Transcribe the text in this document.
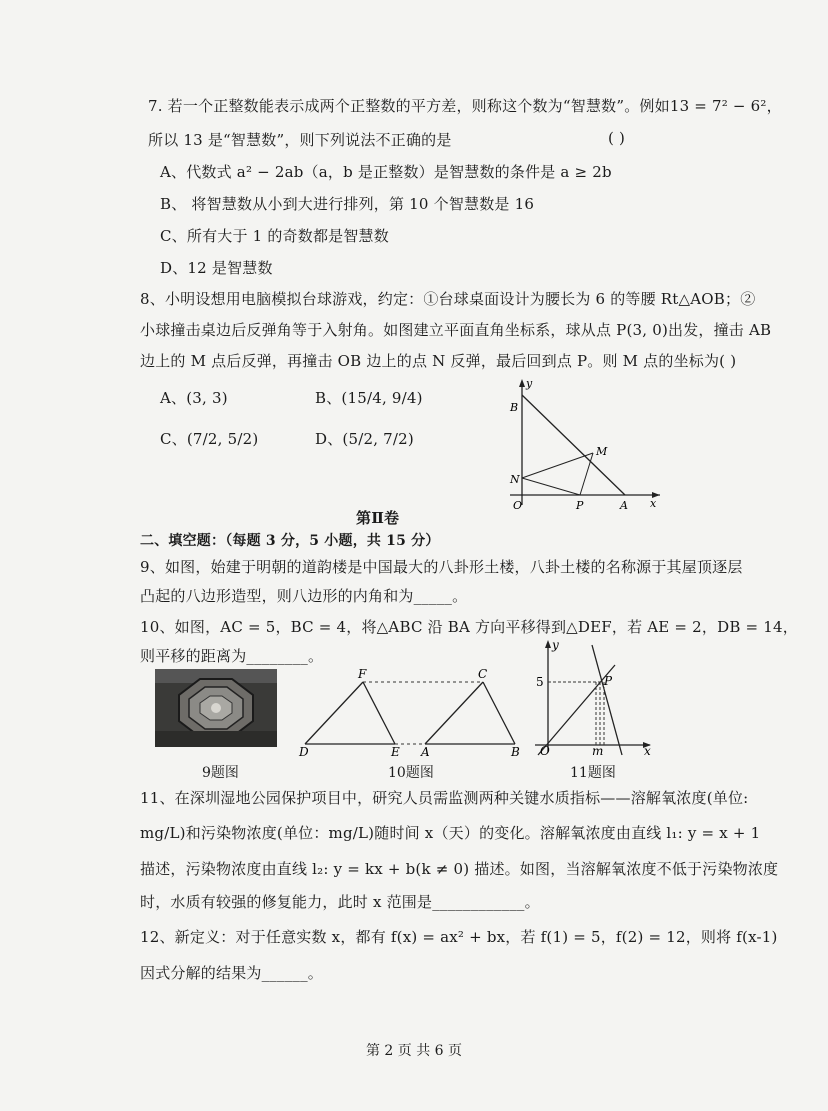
7. 若一个正整数能表示成两个正整数的平方差，则称这个数为“智慧数”。例如13 = 7² − 6²，
所以 13 是“智慧数”，则下列说法不正确的是	( )
A、代数式 a² − 2ab（a，b 是正整数）是智慧数的条件是 a ≥ 2b
B、 将智慧数从小到大进行排列，第 10 个智慧数是 16
C、所有大于 1 的奇数都是智慧数
D、12 是智慧数
8、小明设想用电脑模拟台球游戏，约定：①台球桌面设计为腰长为 6 的等腰 Rt△AOB；②
小球撞击桌边后反弹角等于入射角。如图建立平面直角坐标系，球从点 P(3, 0)出发，撞击 AB
边上的 M 点后反弹，再撞击 OB 边上的点 N 反弹，最后回到点 P。则 M 点的坐标为( )
A、(3, 3)	B、(15/4, 9/4)
C、(7/2, 5/2)	D、(5/2, 7/2)
y
x
B
M
N
O	P	A
第Ⅱ卷
二、填空题：（每题 3 分，5 小题，共 15 分）
9、如图，始建于明朝的道韵楼是中国最大的八卦形土楼，八卦土楼的名称源于其屋顶逐层
凸起的八边形造型，则八边形的内角和为_____。
10、如图，AC = 5，BC = 4，将△ABC 沿 BA 方向平移得到△DEF，若 AE = 2，DB = 14，
则平移的距离为________。
F	C
D	E A	B
y
x
5	P
O	m
9题图	10题图	11题图
11、在深圳湿地公园保护项目中，研究人员需监测两种关键水质指标——溶解氧浓度(单位:
mg/L)和污染物浓度(单位：mg/L)随时间 x（天）的变化。溶解氧浓度由直线 l₁: y = x + 1
描述，污染物浓度由直线 l₂: y = kx + b(k ≠ 0) 描述。如图，当溶解氧浓度不低于污染物浓度
时，水质有较强的修复能力，此时 x 范围是____________。
12、新定义：对于任意实数 x，都有 f(x) = ax² + bx，若 f(1) = 5，f(2) = 12，则将 f(x-1)
因式分解的结果为______。
第 2 页 共 6 页
